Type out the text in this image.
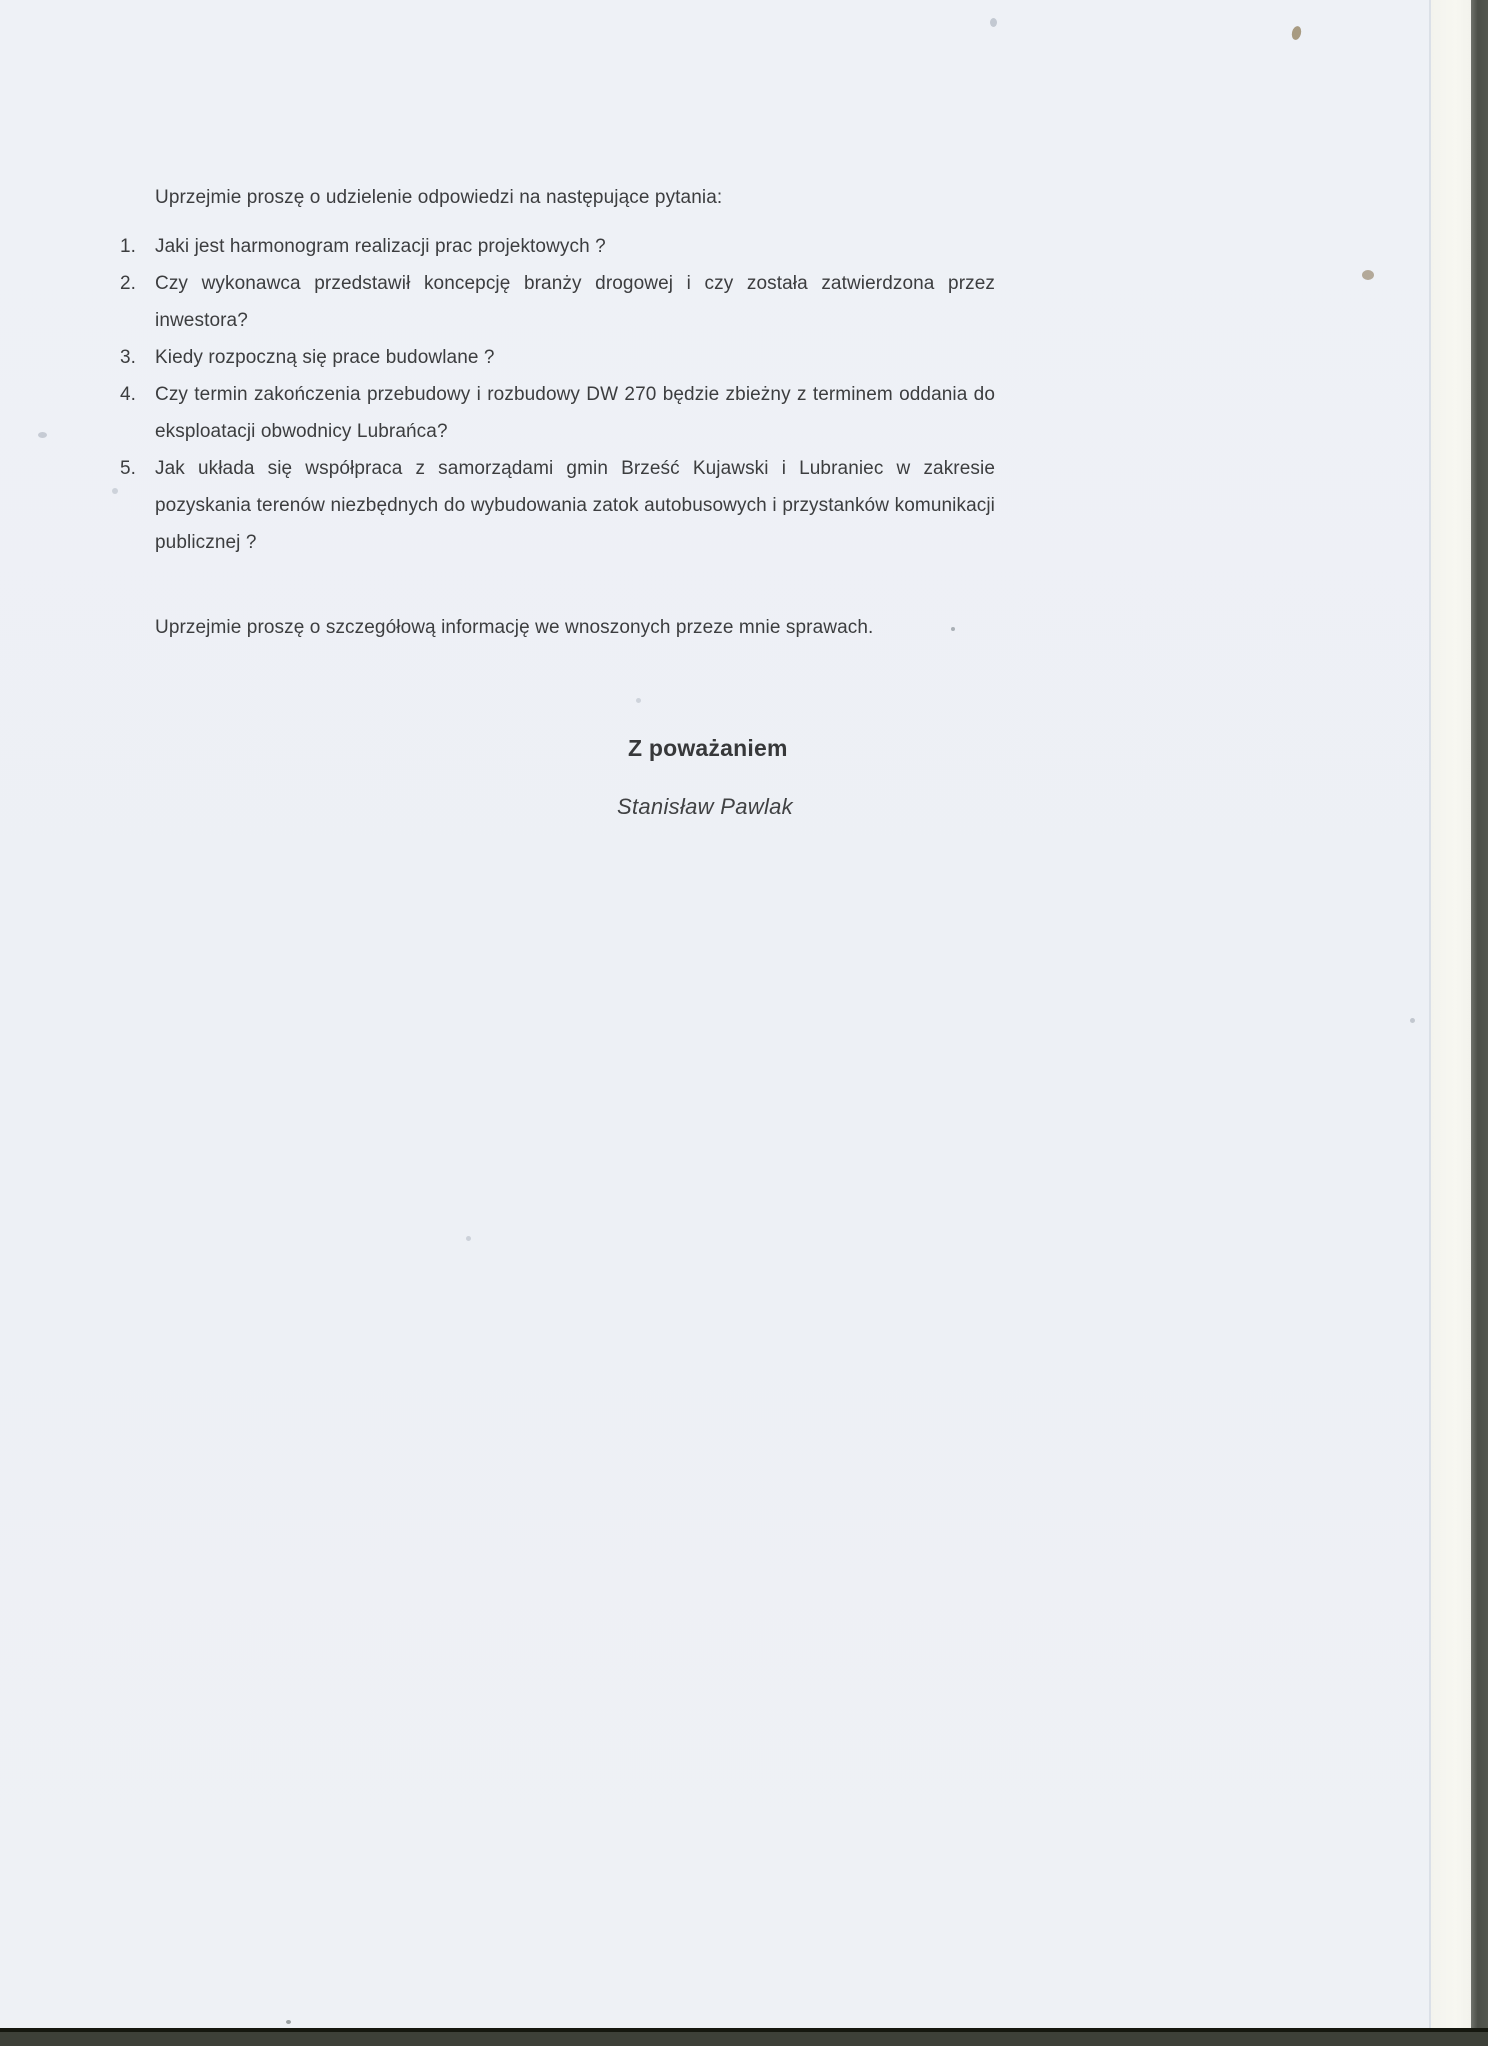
Uprzejmie proszę o udzielenie odpowiedzi na następujące pytania:

1.	Jaki jest harmonogram realizacji prac projektowych ?
2.	Czy wykonawca przedstawił koncepcję branży drogowej i czy została zatwierdzona przez inwestora?
3.	Kiedy rozpoczną się prace budowlane ?
4.	Czy termin zakończenia przebudowy i rozbudowy DW 270 będzie zbieżny z terminem oddania do eksploatacji obwodnicy Lubrańca?
5.	Jak układa się współpraca z samorządami gmin Brześć Kujawski i Lubraniec w zakresie pozyskania terenów niezbędnych do wybudowania zatok autobusowych i przystanków komunikacji publicznej ?

Uprzejmie proszę o szczegółową informację we wnoszonych przeze mnie sprawach.

Z poważaniem

Stanisław Pawlak
